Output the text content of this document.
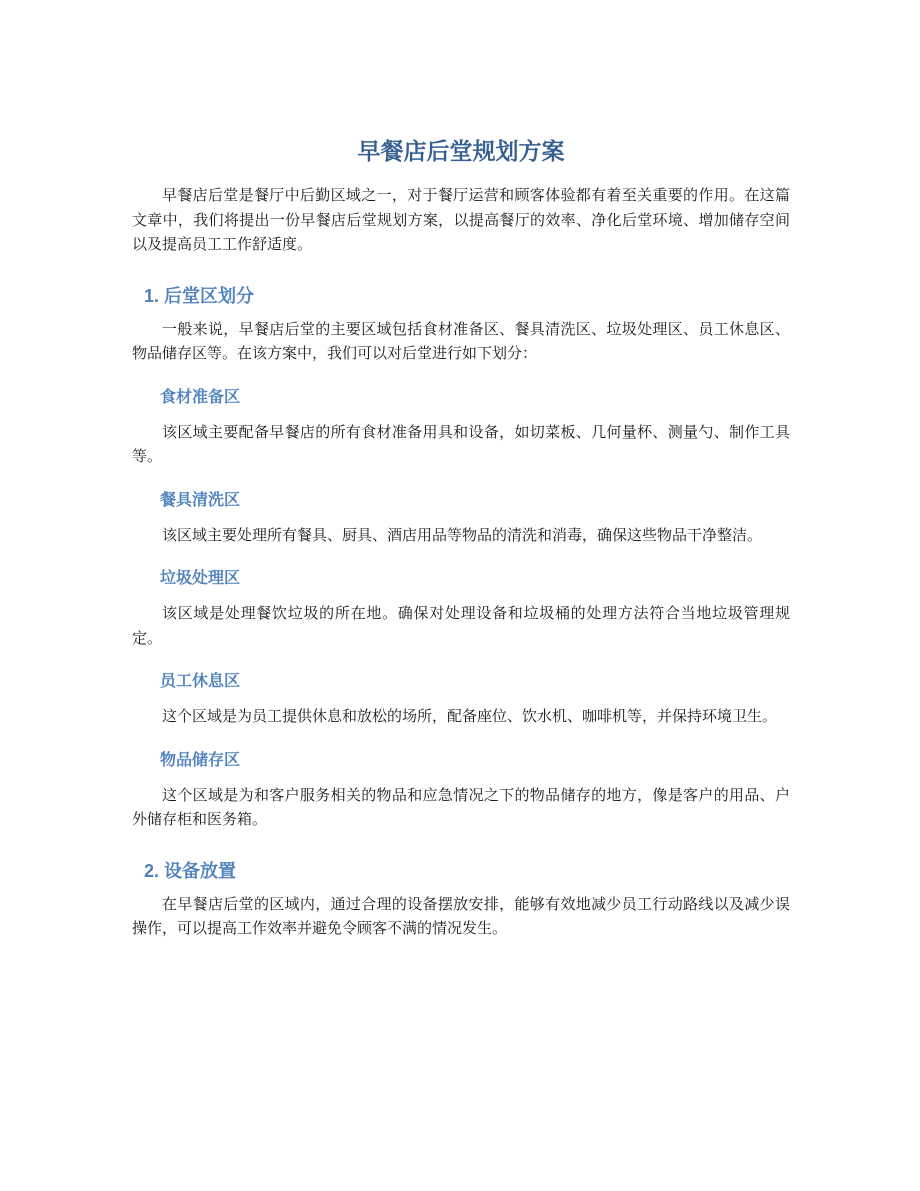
早餐店后堂规划方案

早餐店后堂是餐厅中后勤区域之一，对于餐厅运营和顾客体验都有着至关重要的作用。在这篇文章中，我们将提出一份早餐店后堂规划方案，以提高餐厅的效率、净化后堂环境、增加储存空间以及提高员工工作舒适度。

1. 后堂区划分

一般来说，早餐店后堂的主要区域包括食材准备区、餐具清洗区、垃圾处理区、员工休息区、物品储存区等。在该方案中，我们可以对后堂进行如下划分：

食材准备区

该区域主要配备早餐店的所有食材准备用具和设备，如切菜板、几何量杯、测量勺、制作工具等。

餐具清洗区

该区域主要处理所有餐具、厨具、酒店用品等物品的清洗和消毒，确保这些物品干净整洁。

垃圾处理区

该区域是处理餐饮垃圾的所在地。确保对处理设备和垃圾桶的处理方法符合当地垃圾管理规定。

员工休息区

这个区域是为员工提供休息和放松的场所，配备座位、饮水机、咖啡机等，并保持环境卫生。

物品储存区

这个区域是为和客户服务相关的物品和应急情况之下的物品储存的地方，像是客户的用品、户外储存柜和医务箱。

2. 设备放置

在早餐店后堂的区域内，通过合理的设备摆放安排，能够有效地减少员工行动路线以及减少误操作，可以提高工作效率并避免令顾客不满的情况发生。
